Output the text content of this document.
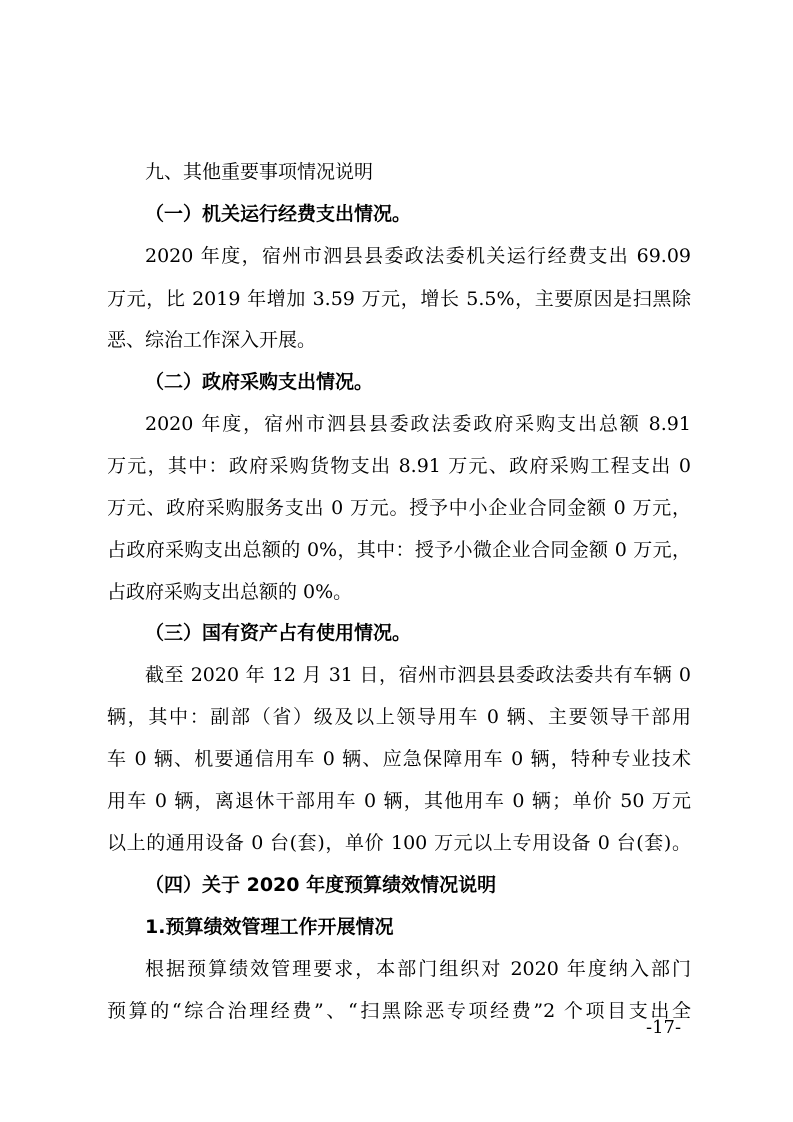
九、其他重要事项情况说明
（一）机关运行经费支出情况。
2020 年度，宿州市泗县县委政法委机关运行经费支出 69.09
万元，比 2019 年增加 3.59 万元，增长 5.5%，主要原因是扫黑除
恶、综治工作深入开展。
（二）政府采购支出情况。
2020 年度，宿州市泗县县委政法委政府采购支出总额 8.91
万元，其中：政府采购货物支出 8.91 万元、政府采购工程支出 0
万元、政府采购服务支出 0 万元。授予中小企业合同金额 0 万元，
占政府采购支出总额的 0%，其中：授予小微企业合同金额 0 万元，
占政府采购支出总额的 0%。
（三）国有资产占有使用情况。
截至 2020 年 12 月 31 日，宿州市泗县县委政法委共有车辆 0
辆，其中：副部（省）级及以上领导用车 0 辆、主要领导干部用
车 0 辆、机要通信用车 0 辆、应急保障用车 0 辆，特种专业技术
用车 0 辆，离退休干部用车 0 辆，其他用车 0 辆；单价 50 万元
以上的通用设备 0 台(套)，单价 100 万元以上专用设备 0 台(套)。
（四）关于 2020 年度预算绩效情况说明
1.预算绩效管理工作开展情况
根据预算绩效管理要求，本部门组织对 2020 年度纳入部门
预算的“综合治理经费”、“扫黑除恶专项经费”2 个项目支出全
-17-
